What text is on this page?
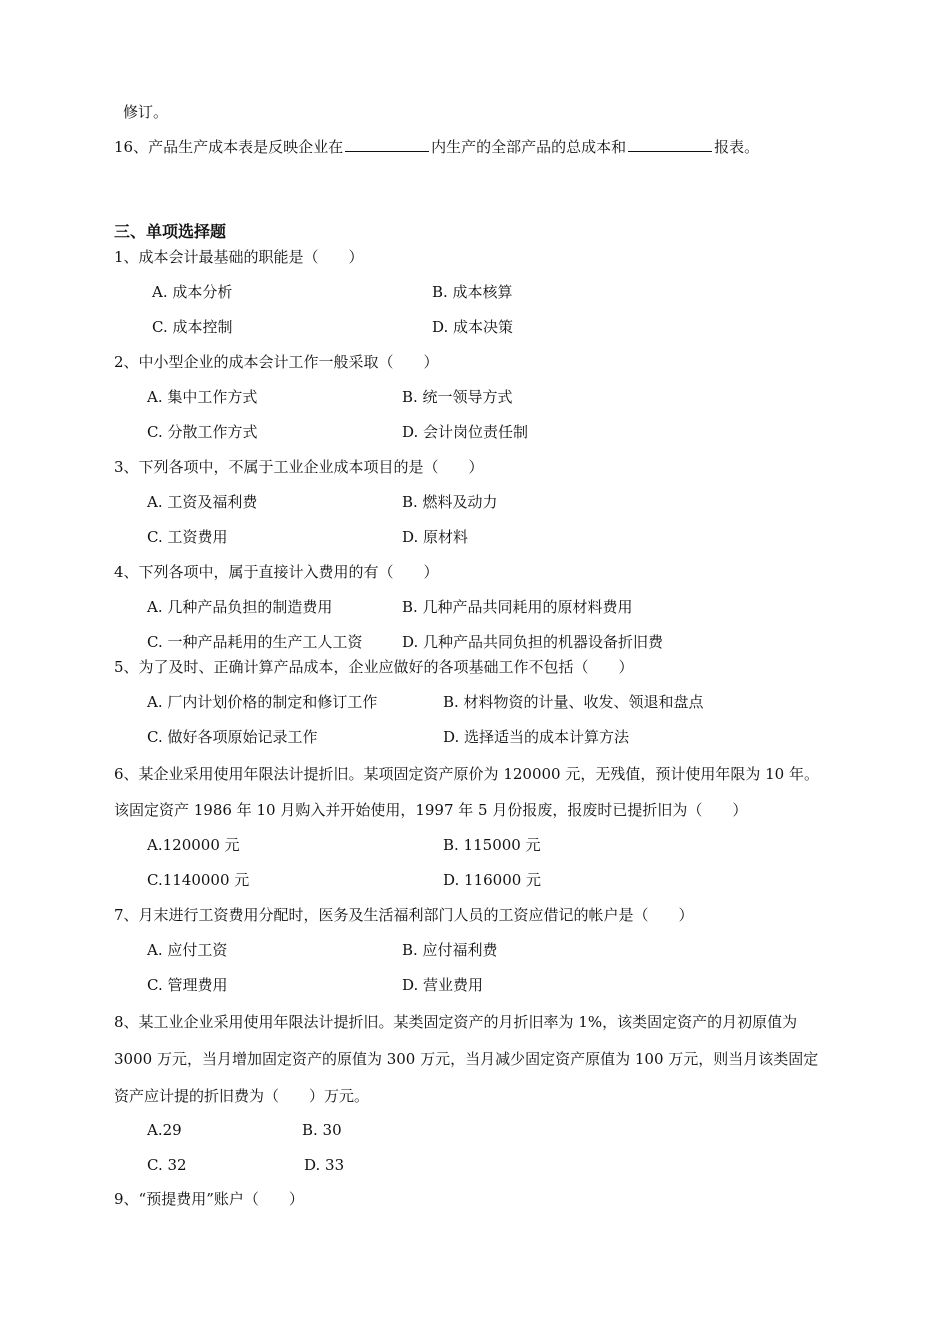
修订。
16、产品生产成本表是反映企业在	内生产的全部产品的总成本和	报表。
三、单项选择题
1、成本会计最基础的职能是（　　）
A. 成本分析	B. 成本核算
C. 成本控制	D. 成本决策
2、中小型企业的成本会计工作一般采取（　　）
A. 集中工作方式	B. 统一领导方式
C. 分散工作方式	D. 会计岗位责任制
3、下列各项中，不属于工业企业成本项目的是（　　）
A. 工资及福利费	B. 燃料及动力
C. 工资费用	D. 原材料
4、下列各项中，属于直接计入费用的有（　　）
A. 几种产品负担的制造费用	B. 几种产品共同耗用的原材料费用
C. 一种产品耗用的生产工人工资	D. 几种产品共同负担的机器设备折旧费
5、为了及时、正确计算产品成本，企业应做好的各项基础工作不包括（　　）
A. 厂内计划价格的制定和修订工作	B. 材料物资的计量、收发、领退和盘点
C. 做好各项原始记录工作	D. 选择适当的成本计算方法
6、某企业采用使用年限法计提折旧。某项固定资产原价为 120000 元，无残值，预计使用年限为 10 年。
该固定资产 1986 年 10 月购入并开始使用，1997 年 5 月份报废，报废时已提折旧为（　　）
A.120000 元	B. 115000 元
C.1140000 元	D. 116000 元
7、月末进行工资费用分配时，医务及生活福利部门人员的工资应借记的帐户是（　　）
A. 应付工资	B. 应付福利费
C. 管理费用	D. 营业费用
8、某工业企业采用使用年限法计提折旧。某类固定资产的月折旧率为 1%，该类固定资产的月初原值为
3000 万元，当月增加固定资产的原值为 300 万元，当月减少固定资产原值为 100 万元，则当月该类固定
资产应计提的折旧费为（　　）万元。
A.29	B. 30
C. 32	D. 33
9、“预提费用”账户（　　）
